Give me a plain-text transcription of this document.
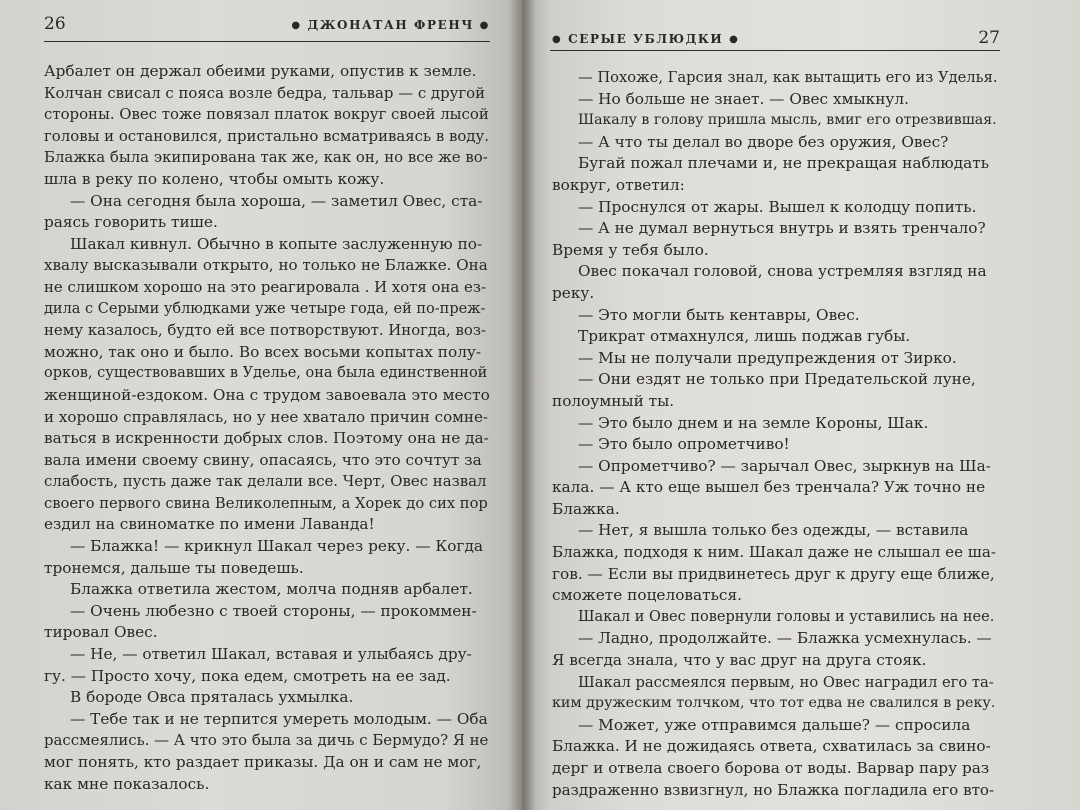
26	● ДЖОНАТАН ФРЕНЧ ●
Арбалет он держал обеими руками, опустив к земле.
Колчан свисал с пояса возле бедра, тальвар — с другой
стороны. Овес тоже повязал платок вокруг своей лысой
головы и остановился, пристально всматриваясь в воду.
Блажка была экипирована так же, как он, но все же во-
шла в реку по колено, чтобы омыть кожу.
— Она сегодня была хороша, — заметил Овес, ста-
раясь говорить тише.
Шакал кивнул. Обычно в копыте заслуженную по-
хвалу высказывали открыто, но только не Блажке. Она
не слишком хорошо на это реагировала . И хотя она ез-
дила с Серыми ублюдками уже четыре года, ей по-преж-
нему казалось, будто ей все потворствуют. Иногда, воз-
можно, так оно и было. Во всех восьми копытах полу-
орков, существовавших в Уделье, она была единственной
женщиной-ездоком. Она с трудом завоевала это место
и хорошо справлялась, но у нее хватало причин сомне-
ваться в искренности добрых слов. Поэтому она не да-
вала имени своему свину, опасаясь, что это сочтут за
слабость, пусть даже так делали все. Черт, Овес назвал
своего первого свина Великолепным, а Хорек до сих пор
ездил на свиноматке по имени Лаванда!
— Блажка! — крикнул Шакал через реку. — Когда
тронемся, дальше ты поведешь.
Блажка ответила жестом, молча подняв арбалет.
— Очень любезно с твоей стороны, — прокоммен-
тировал Овес.
— Не, — ответил Шакал, вставая и улыбаясь дру-
гу. — Просто хочу, пока едем, смотреть на ее зад.
В бороде Овса пряталась ухмылка.
— Тебе так и не терпится умереть молодым. — Оба
рассмеялись. — А что это была за дичь с Бермудо? Я не
мог понять, кто раздает приказы. Да он и сам не мог,
как мне показалось.
● СЕРЫЕ УБЛЮДКИ ●	27
— Похоже, Гарсия знал, как вытащить его из Уделья.
— Но больше не знает. — Овес хмыкнул.
Шакалу в голову пришла мысль, вмиг его отрезвившая.
— А что ты делал во дворе без оружия, Овес?
Бугай пожал плечами и, не прекращая наблюдать
вокруг, ответил:
— Проснулся от жары. Вышел к колодцу попить.
— А не думал вернуться внутрь и взять тренчало?
Время у тебя было.
Овес покачал головой, снова устремляя взгляд на
реку.
— Это могли быть кентавры, Овес.
Трикрат отмахнулся, лишь поджав губы.
— Мы не получали предупреждения от Зирко.
— Они ездят не только при Предательской луне,
полоумный ты.
— Это было днем и на земле Короны, Шак.
— Это было опрометчиво!
— Опрометчиво? — зарычал Овес, зыркнув на Ша-
кала. — А кто еще вышел без тренчала? Уж точно не
Блажка.
— Нет, я вышла только без одежды, — вставила
Блажка, подходя к ним. Шакал даже не слышал ее ша-
гов. — Если вы придвинетесь друг к другу еще ближе,
сможете поцеловаться.
Шакал и Овес повернули головы и уставились на нее.
— Ладно, продолжайте. — Блажка усмехнулась. —
Я всегда знала, что у вас друг на друга стояк.
Шакал рассмеялся первым, но Овес наградил его та-
ким дружеским толчком, что тот едва не свалился в реку.
— Может, уже отправимся дальше? — спросила
Блажка. И не дожидаясь ответа, схватилась за свино-
дерг и отвела своего борова от воды. Варвар пару раз
раздраженно взвизгнул, но Блажка погладила его вто-
